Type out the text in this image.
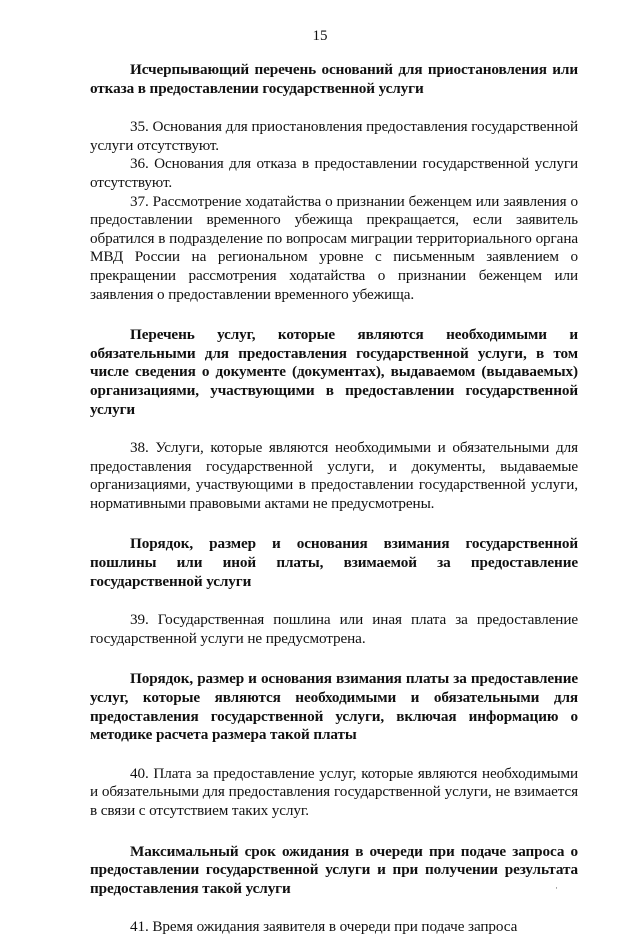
15

Исчерпывающий перечень оснований для приостановления или отказа в предоставлении государственной услуги

35. Основания для приостановления предоставления государственной услуги отсутствуют.

36. Основания для отказа в предоставлении государственной услуги отсутствуют.

37. Рассмотрение ходатайства о признании беженцем или заявления о предоставлении временного убежища прекращается, если заявитель обратился в подразделение по вопросам миграции территориального органа МВД России на региональном уровне с письменным заявлением о прекращении рассмотрения ходатайства о признании беженцем или заявления о предоставлении временного убежища.

Перечень услуг, которые являются необходимыми и обязательными для предоставления государственной услуги, в том числе сведения о документе (документах), выдаваемом (выдаваемых) организациями, участвующими в предоставлении государственной услуги

38. Услуги, которые являются необходимыми и обязательными для предоставления государственной услуги, и документы, выдаваемые организациями, участвующими в предоставлении государственной услуги, нормативными правовыми актами не предусмотрены.

Порядок, размер и основания взимания государственной пошлины или иной платы, взимаемой за предоставление государственной услуги

39. Государственная пошлина или иная плата за предоставление государственной услуги не предусмотрена.

Порядок, размер и основания взимания платы за предоставление услуг, которые являются необходимыми и обязательными для предоставления государственной услуги, включая информацию о методике расчета размера такой платы

40. Плата за предоставление услуг, которые являются необходимыми и обязательными для предоставления государственной услуги, не взимается в связи с отсутствием таких услуг.

Максимальный срок ожидания в очереди при подаче запроса о предоставлении государственной услуги и при получении результата предоставления такой услуги

41. Время ожидания заявителя в очереди при подаче запроса

·
